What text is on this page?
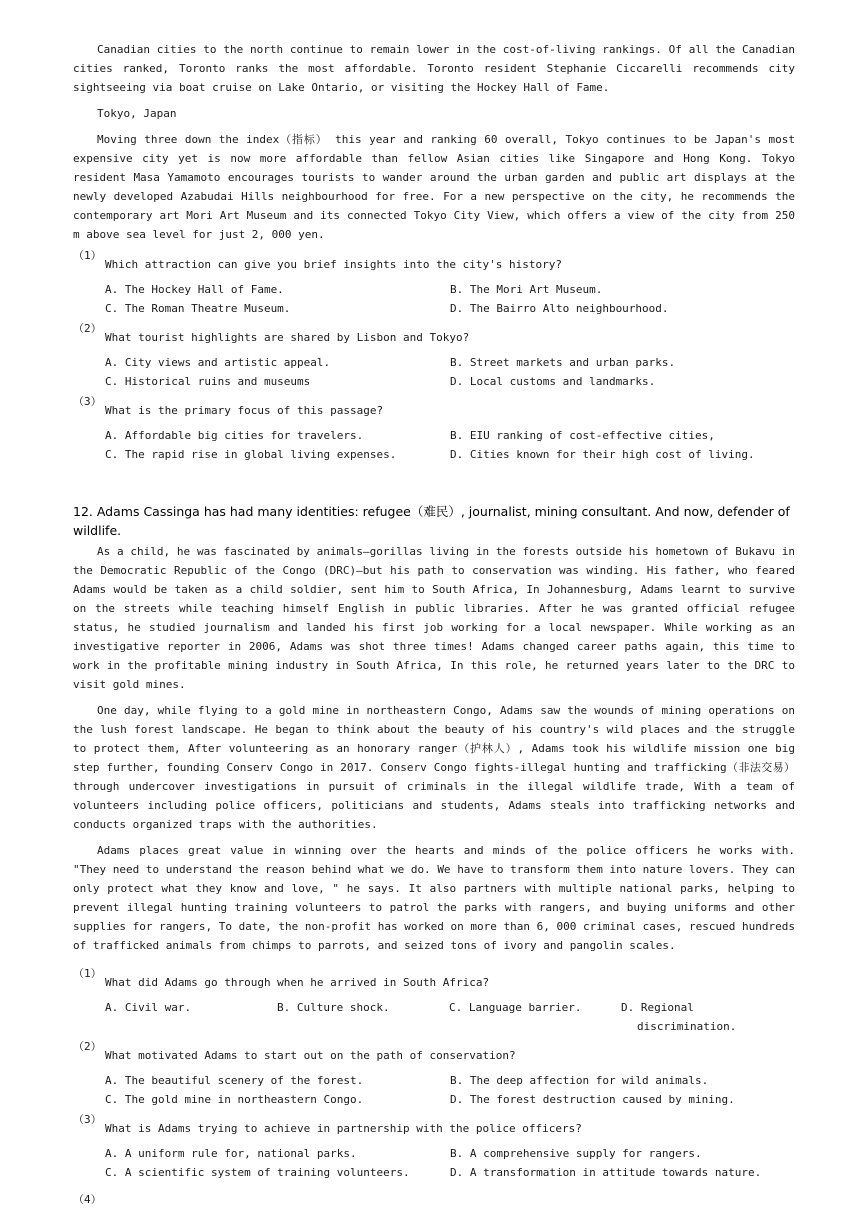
Canadian cities to the north continue to remain lower in the cost-of-living rankings. Of all the Canadian cities ranked, Toronto ranks the most affordable. Toronto resident Stephanie Ciccarelli recommends city sightseeing via boat cruise on Lake Ontario, or visiting the Hockey Hall of Fame.

Tokyo, Japan

Moving three down the index（指标） this year and ranking 60 overall, Tokyo continues to be Japan's most expensive city yet is now more affordable than fellow Asian cities like Singapore and Hong Kong. Tokyo resident Masa Yamamoto encourages tourists to wander around the urban garden and public art displays at the newly developed Azabudai Hills neighbourhood for free. For a new perspective on the city, he recommends the contemporary art Mori Art Museum and its connected Tokyo City View, which offers a view of the city from 250 m above sea level for just 2, 000 yen.

（1）
Which attraction can give you brief insights into the city's history?
A. The Hockey Hall of Fame.	B. The Mori Art Museum.
C. The Roman Theatre Museum.	D. The Bairro Alto neighbourhood.
（2）
What tourist highlights are shared by Lisbon and Tokyo?
A. City views and artistic appeal.	B. Street markets and urban parks.
C. Historical ruins and museums	D. Local customs and landmarks.
（3）
What is the primary focus of this passage?
A. Affordable big cities for travelers.	B. EIU ranking of cost-effective cities,
C. The rapid rise in global living expenses.	D. Cities known for their high cost of living.
12. Adams Cassinga has had many identities: refugee（难民）, journalist, mining consultant. And now, defender of wildlife.

As a child, he was fascinated by animals—gorillas living in the forests outside his hometown of Bukavu in the Democratic Republic of the Congo (DRC)—but his path to conservation was winding. His father, who feared Adams would be taken as a child soldier, sent him to South Africa, In Johannesburg, Adams learnt to survive on the streets while teaching himself English in public libraries. After he was granted official refugee status, he studied journalism and landed his first job working for a local newspaper. While working as an investigative reporter in 2006, Adams was shot three times! Adams changed career paths again, this time to work in the profitable mining industry in South Africa, In this role, he returned years later to the DRC to visit gold mines.

One day, while flying to a gold mine in northeastern Congo, Adams saw the wounds of mining operations on the lush forest landscape. He began to think about the beauty of his country's wild places and the struggle to protect them, After volunteering as an honorary ranger（护林人）, Adams took his wildlife mission one big step further, founding Conserv Congo in 2017. Conserv Congo fights-illegal hunting and trafficking（非法交易） through undercover investigations in pursuit of criminals in the illegal wildlife trade, With a team of volunteers including police officers, politicians and students, Adams steals into trafficking networks and conducts organized traps with the authorities.

Adams places great value in winning over the hearts and minds of the police officers he works with.　 "They need to understand the reason behind what we do. We have to transform them into nature lovers. They can only protect what they know and love, " he says. It also partners with multiple national parks, helping to prevent illegal hunting training volunteers to patrol the parks with rangers, and buying uniforms and other supplies for rangers, To date, the non-profit has worked on more than 6, 000 criminal cases, rescued hundreds of trafficked animals from chimps to parrots, and seized tons of ivory and pangolin scales.

（1）
What did Adams go through when he arrived in South Africa?
A. Civil war.	B. Culture shock.	C. Language barrier.	D. Regional
discrimination.
（2）
What motivated Adams to start out on the path of conservation?
A. The beautiful scenery of the forest.	B. The deep affection for wild animals.
C. The gold mine in northeastern Congo.	D. The forest destruction caused by mining.
（3）
What is Adams trying to achieve in partnership with the police officers?
A. A uniform rule for, national parks.	B. A comprehensive supply for rangers.
C. A scientific system of training volunteers.	D. A transformation in attitude towards nature.
（4）
